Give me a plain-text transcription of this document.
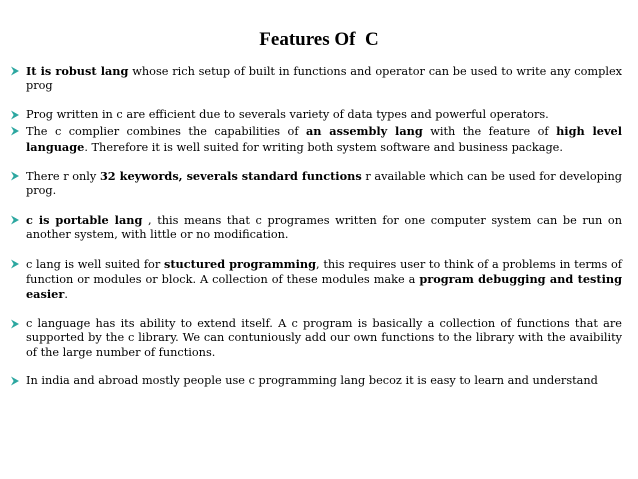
Features Of  C
It is robust lang whose rich setup of built in functions and operator can be used to write any complex prog
Prog written in c are efficient due to severals variety of data types and powerful operators.
The c complier combines the capabilities of an assembly lang with the feature of high level language. Therefore it is well suited for writing both system software and business package.
There r only 32 keywords, severals standard functions r available which can be used for developing prog.
c is portable lang , this means that c programes written for one computer system can be run on another system, with little or no modification.
c lang is well suited for stuctured programming, this requires user to think of a problems in terms of function or modules or block. A collection of these modules make a program debugging and testing easier.
c language has its ability to extend itself. A c program is basically a collection of functions that are supported by the c library. We can contuniously add our own functions to the library with the avaibility of the large number of functions.
In india and abroad mostly people use c programming lang becoz it is easy to learn and understand
